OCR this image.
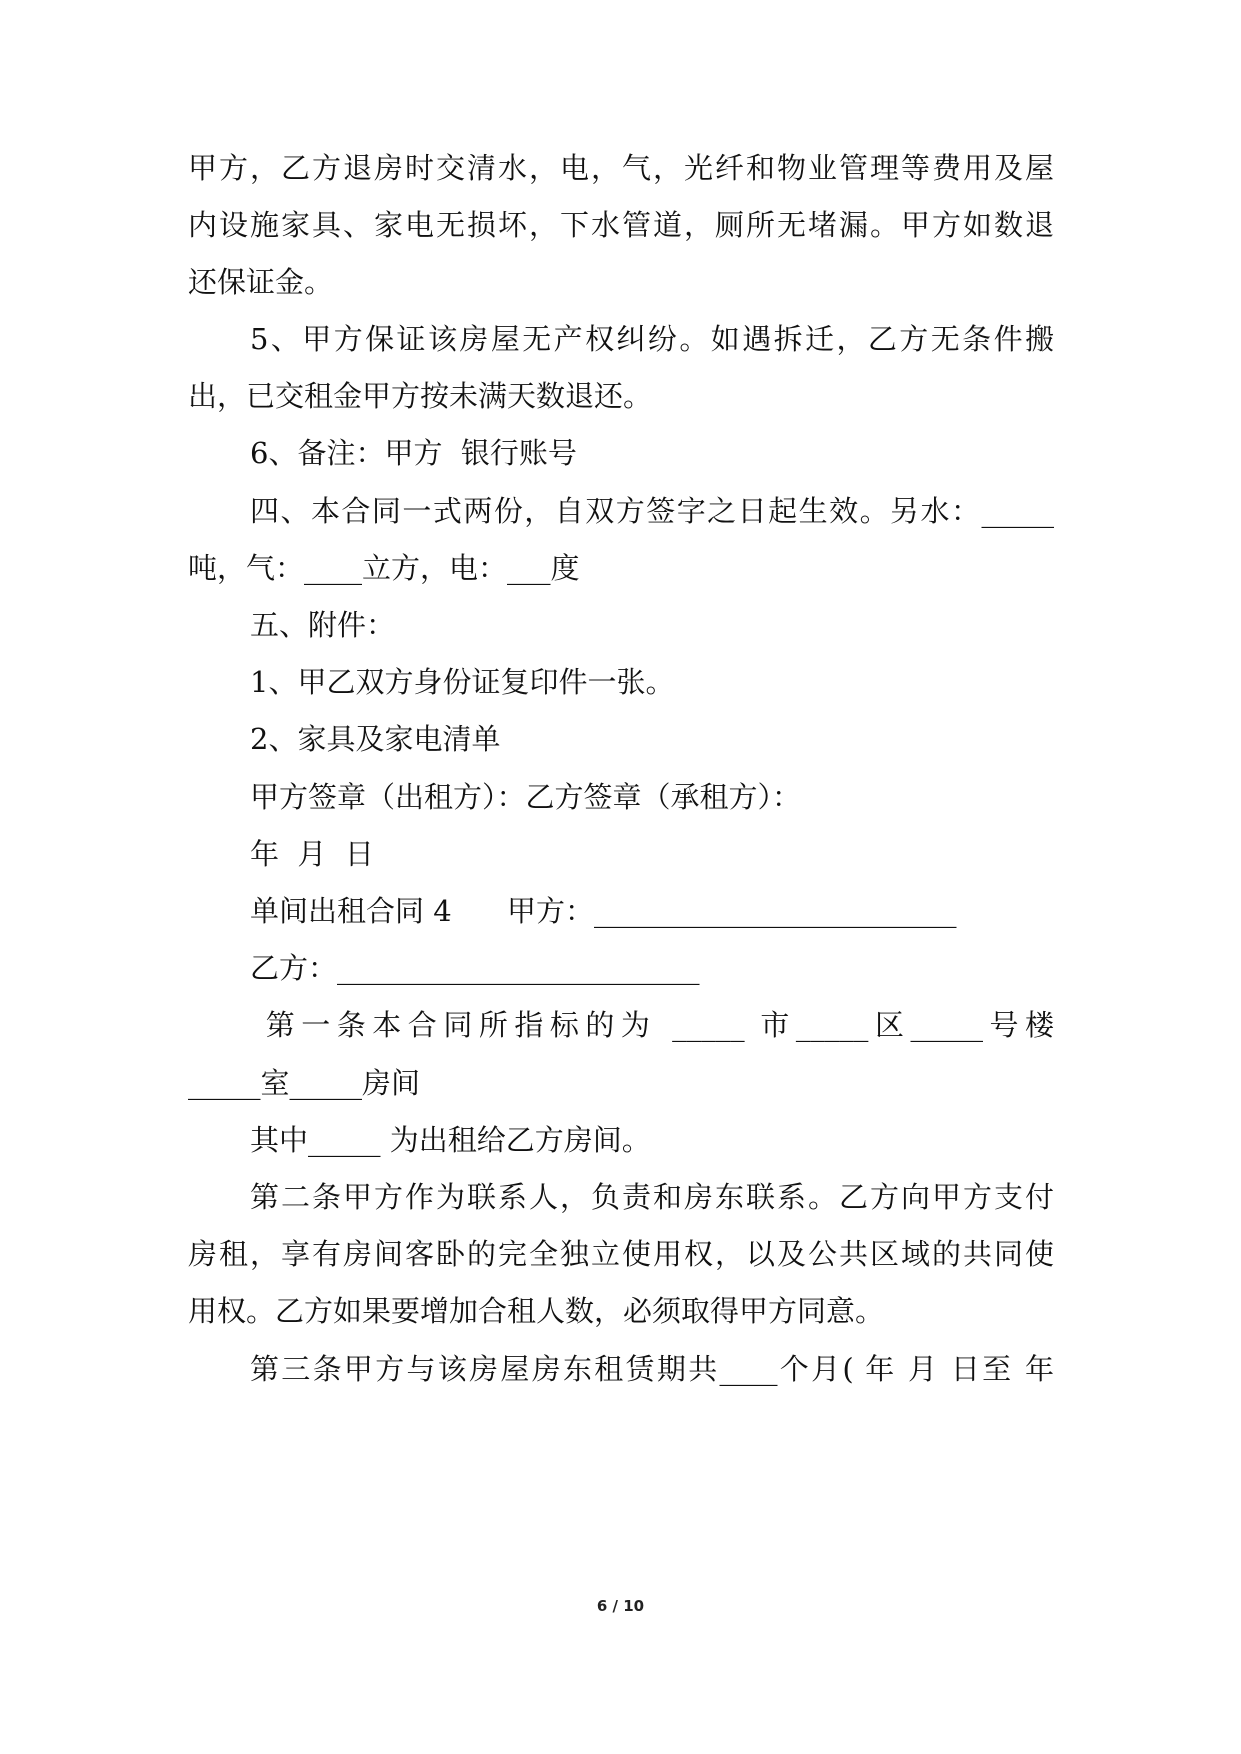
甲方，乙方退房时交清水，电，气，光纤和物业管理等费用及屋
内设施家具、家电无损坏，下水管道，厕所无堵漏。甲方如数退
还保证金。
5、甲方保证该房屋无产权纠纷。如遇拆迁，乙方无条件搬
出，已交租金甲方按未满天数退还。
6、备注：甲方  银行账号
四、本合同一式两份，自双方签字之日起生效。另水：_____
吨，气：____立方，电：___度
五、附件：
1、甲乙双方身份证复印件一张。
2、家具及家电清单
甲方签章（出租方）：乙方签章（承租方）：
年  月  日
单间出租合同 4      甲方：_________________________
乙方：_________________________
第一条本合同所指标的为 _____ 市_____区_____号楼
_____室_____房间
其中_____ 为出租给乙方房间。
第二条甲方作为联系人，负责和房东联系。乙方向甲方支付
房租，享有房间客卧的完全独立使用权，以及公共区域的共同使
用权。乙方如果要增加合租人数，必须取得甲方同意。
第三条甲方与该房屋房东租赁期共____个月( 年 月 日至 年
6 / 10
